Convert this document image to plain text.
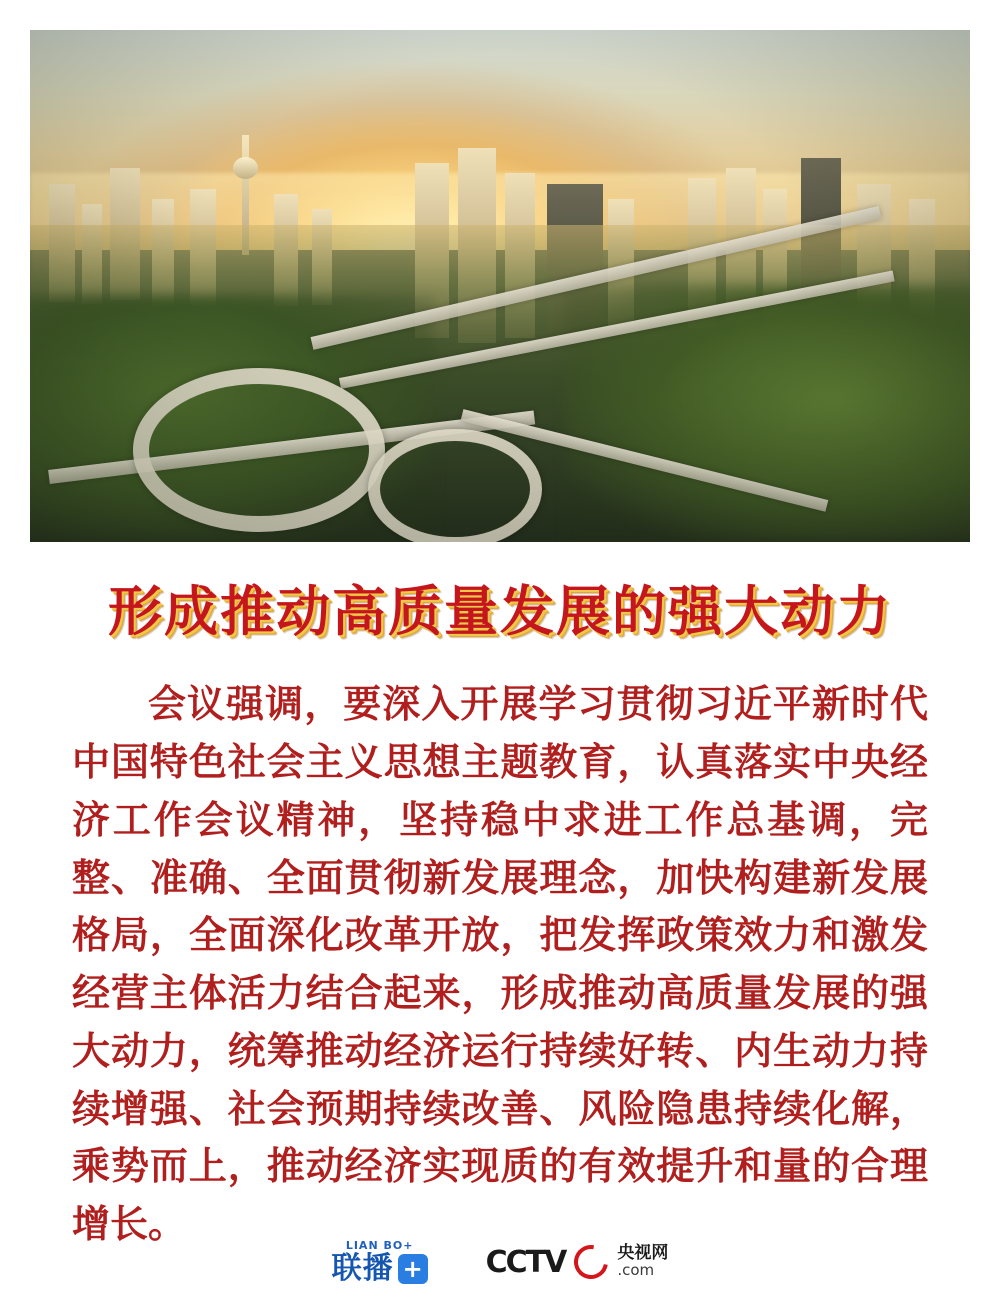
形成推动高质量发展的强大动力

会议强调，要深入开展学习贯彻习近平新时代中国特色社会主义思想主题教育，认真落实中央经济工作会议精神，坚持稳中求进工作总基调，完整、准确、全面贯彻新发展理念，加快构建新发展格局，全面深化改革开放，把发挥政策效力和激发经营主体活力结合起来，形成推动高质量发展的强大动力，统筹推动经济运行持续好转、内生动力持续增强、社会预期持续改善、风险隐患持续化解，乘势而上，推动经济实现质的有效提升和量的合理增长。	LIAN BO+
联播 + CCTV	央视网
.com
